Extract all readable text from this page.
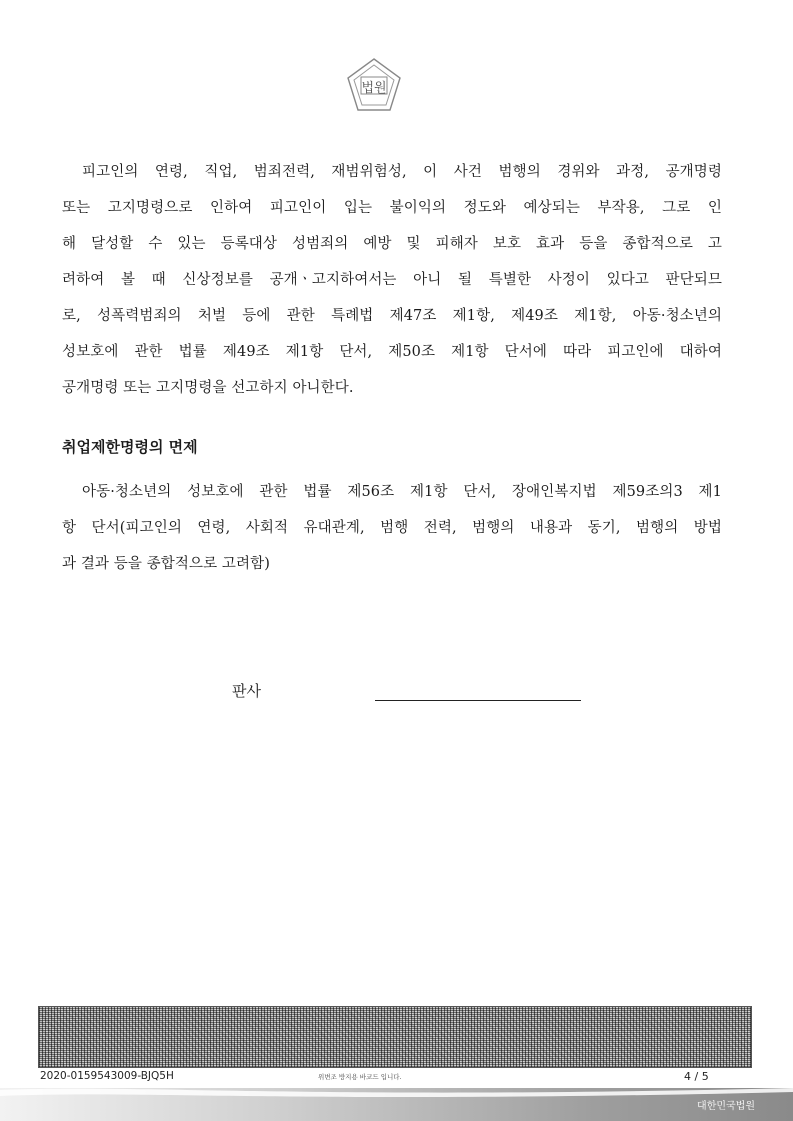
법원
피고인의 연령, 직업, 범죄전력, 재범위험성, 이 사건 범행의 경위와 과정, 공개명령
또는 고지명령으로 인하여 피고인이 입는 불이익의 정도와 예상되는 부작용, 그로 인
해 달성할 수 있는 등록대상 성범죄의 예방 및 피해자 보호 효과 등을 종합적으로 고
려하여 볼 때 신상정보를 공개ㆍ고지하여서는 아니 될 특별한 사정이 있다고 판단되므
로, 성폭력범죄의 처벌 등에 관한 특례법 제47조 제1항, 제49조 제1항, 아동·청소년의
성보호에 관한 법률 제49조 제1항 단서, 제50조 제1항 단서에 따라 피고인에 대하여
공개명령 또는 고지명령을 선고하지 아니한다.
취업제한명령의 면제
아동·청소년의 성보호에 관한 법률 제56조 제1항 단서, 장애인복지법 제59조의3 제1
항 단서(피고인의 연령, 사회적 유대관계, 범행 전력, 범행의 내용과 동기, 범행의 방법
과 결과 등을 종합적으로 고려함)
판사
2020-0159543009-BJQ5H	위변조 방지용 바코드 입니다.	4 / 5
대한민국법원
